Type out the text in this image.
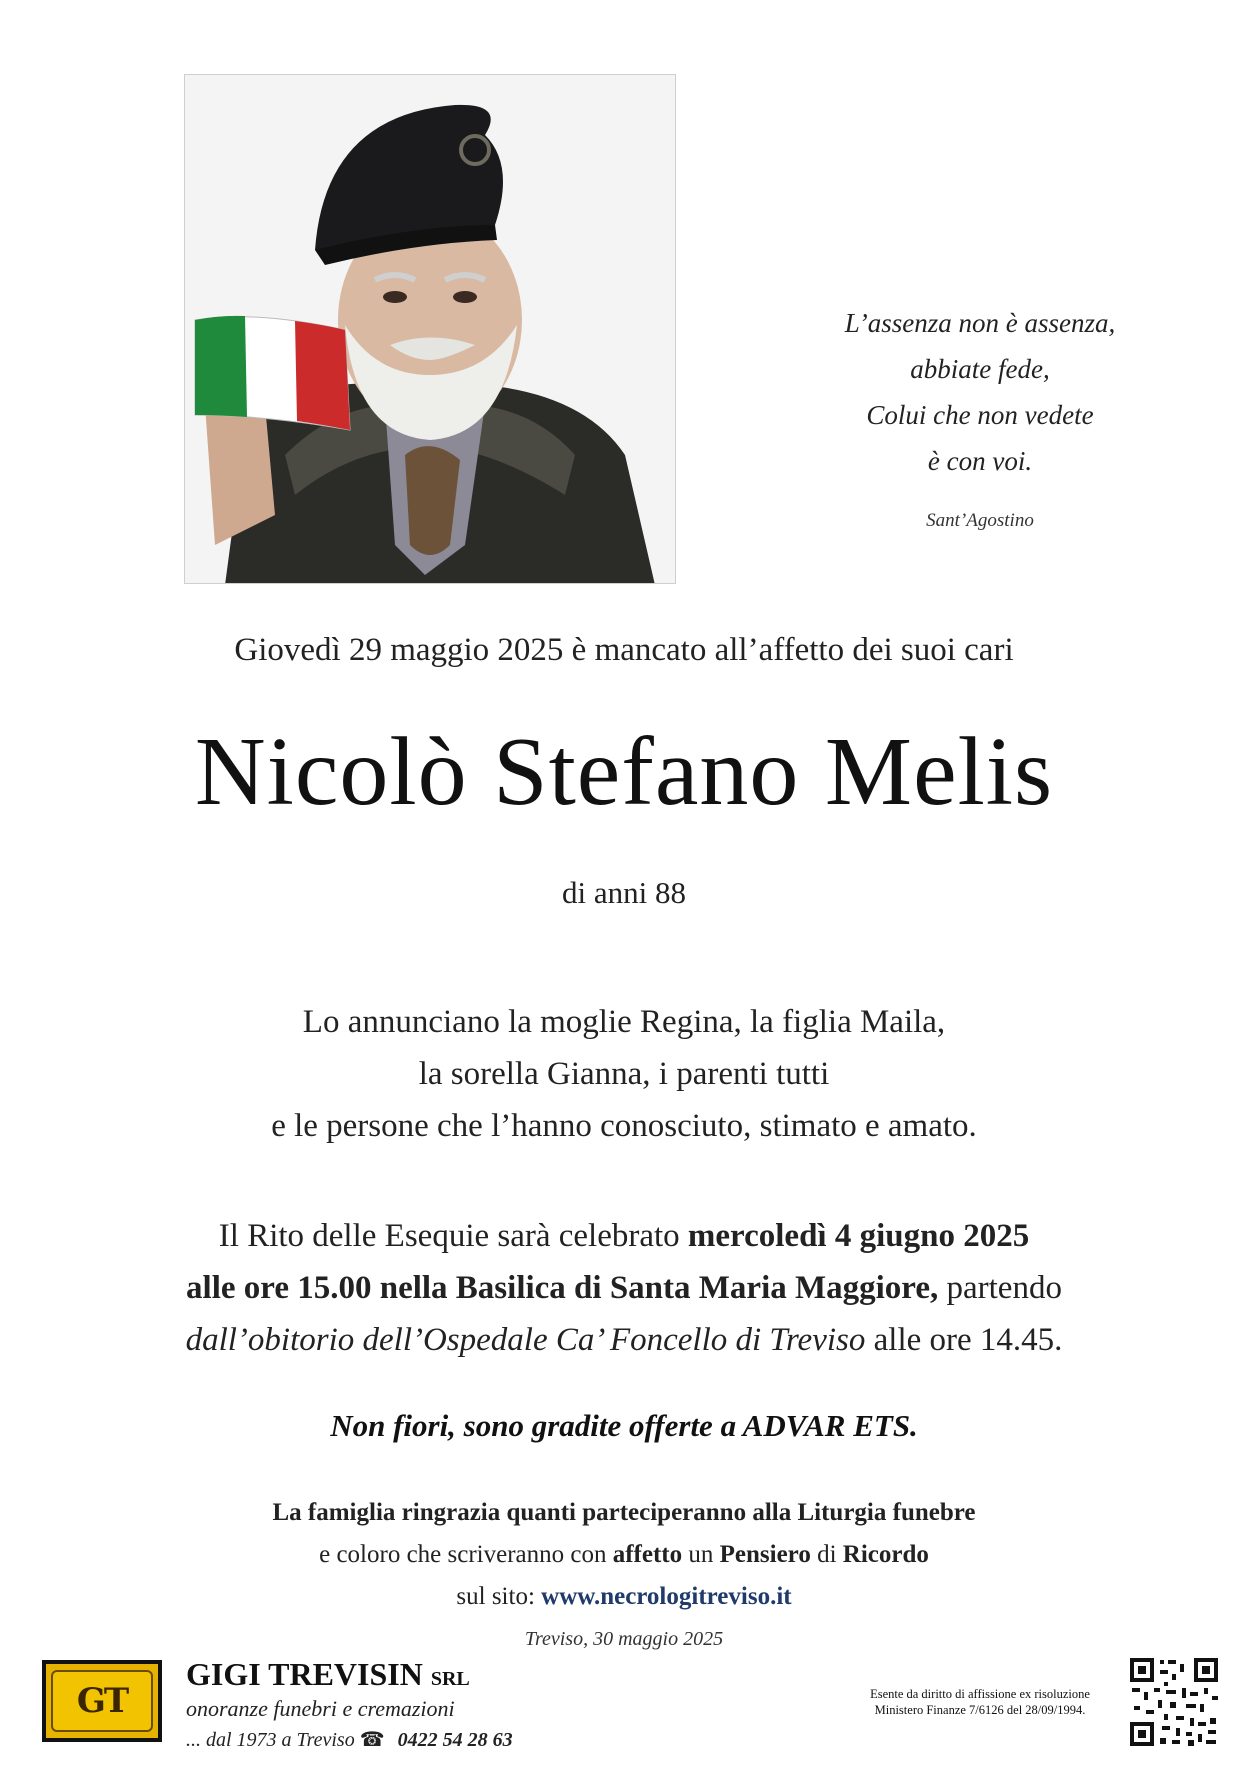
L’assenza non è assenza,
abbiate fede,
Colui che non vedete
è con voi.
Sant’Agostino
Giovedì 29 maggio 2025 è mancato all’affetto dei suoi cari
Nicolò Stefano Melis
di anni 88
Lo annunciano la moglie Regina, la figlia Maila,
la sorella Gianna, i parenti tutti
e le persone che l’hanno conosciuto, stimato e amato.
Il Rito delle Esequie sarà celebrato mercoledì 4 giugno 2025
alle ore 15.00 nella Basilica di Santa Maria Maggiore, partendo
dall’obitorio dell’Ospedale Ca’ Foncello di Treviso alle ore 14.45.
Non fiori, sono gradite offerte a ADVAR ETS.
La famiglia ringrazia quanti parteciperanno alla Liturgia funebre
e coloro che scriveranno con affetto un Pensiero di Ricordo
sul sito: www.necrologitreviso.it
Treviso, 30 maggio 2025
GT
GIGI TREVISIN SRL
onoranze funebri e cremazioni
... dal 1973 a Treviso ☎ 0422 54 28 63
Esente da diritto di affissione ex risoluzione
Ministero Finanze 7/6126 del 28/09/1994.
